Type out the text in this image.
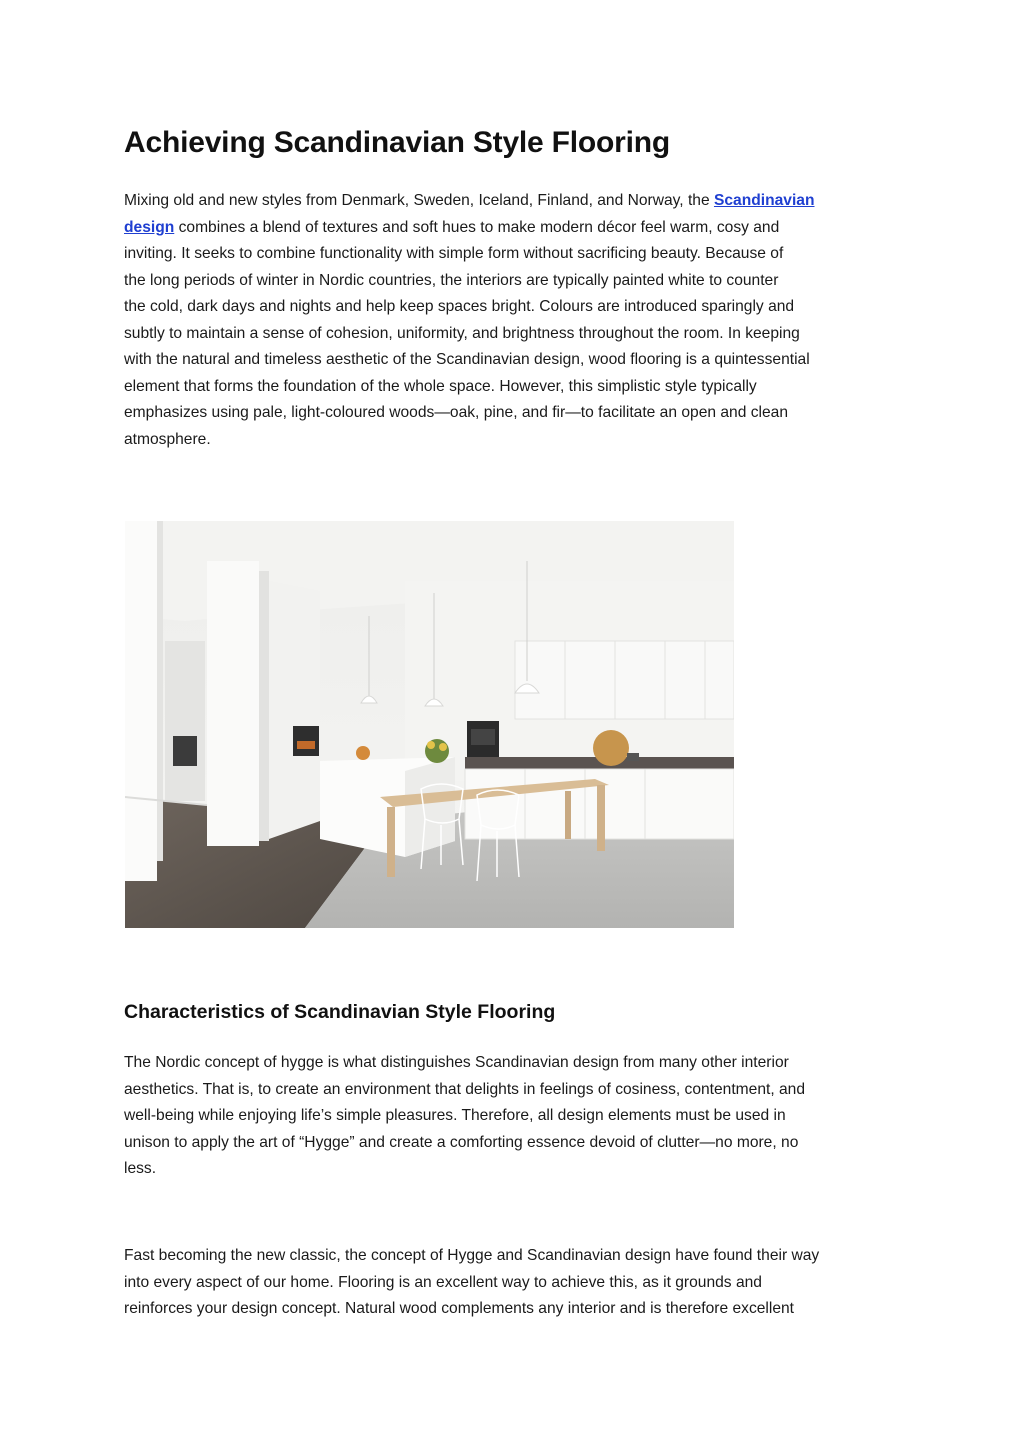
Achieving Scandinavian Style Flooring
Mixing old and new styles from Denmark, Sweden, Iceland, Finland, and Norway, the Scandinavian
design combines a blend of textures and soft hues to make modern décor feel warm, cosy and
inviting. It seeks to combine functionality with simple form without sacrificing beauty. Because of
the long periods of winter in Nordic countries, the interiors are typically painted white to counter
the cold, dark days and nights and help keep spaces bright. Colours are introduced sparingly and
subtly to maintain a sense of cohesion, uniformity, and brightness throughout the room. In keeping
with the natural and timeless aesthetic of the Scandinavian design, wood flooring is a quintessential
element that forms the foundation of the whole space. However, this simplistic style typically
emphasizes using pale, light-coloured woods—oak, pine, and fir—to facilitate an open and clean
atmosphere.
Characteristics of Scandinavian Style Flooring
The Nordic concept of hygge is what distinguishes Scandinavian design from many other interior
aesthetics. That is, to create an environment that delights in feelings of cosiness, contentment, and
well-being while enjoying life’s simple pleasures. Therefore, all design elements must be used in
unison to apply the art of “Hygge” and create a comforting essence devoid of clutter—no more, no
less.
Fast becoming the new classic, the concept of Hygge and Scandinavian design have found their way
into every aspect of our home. Flooring is an excellent way to achieve this, as it grounds and
reinforces your design concept. Natural wood complements any interior and is therefore excellent
